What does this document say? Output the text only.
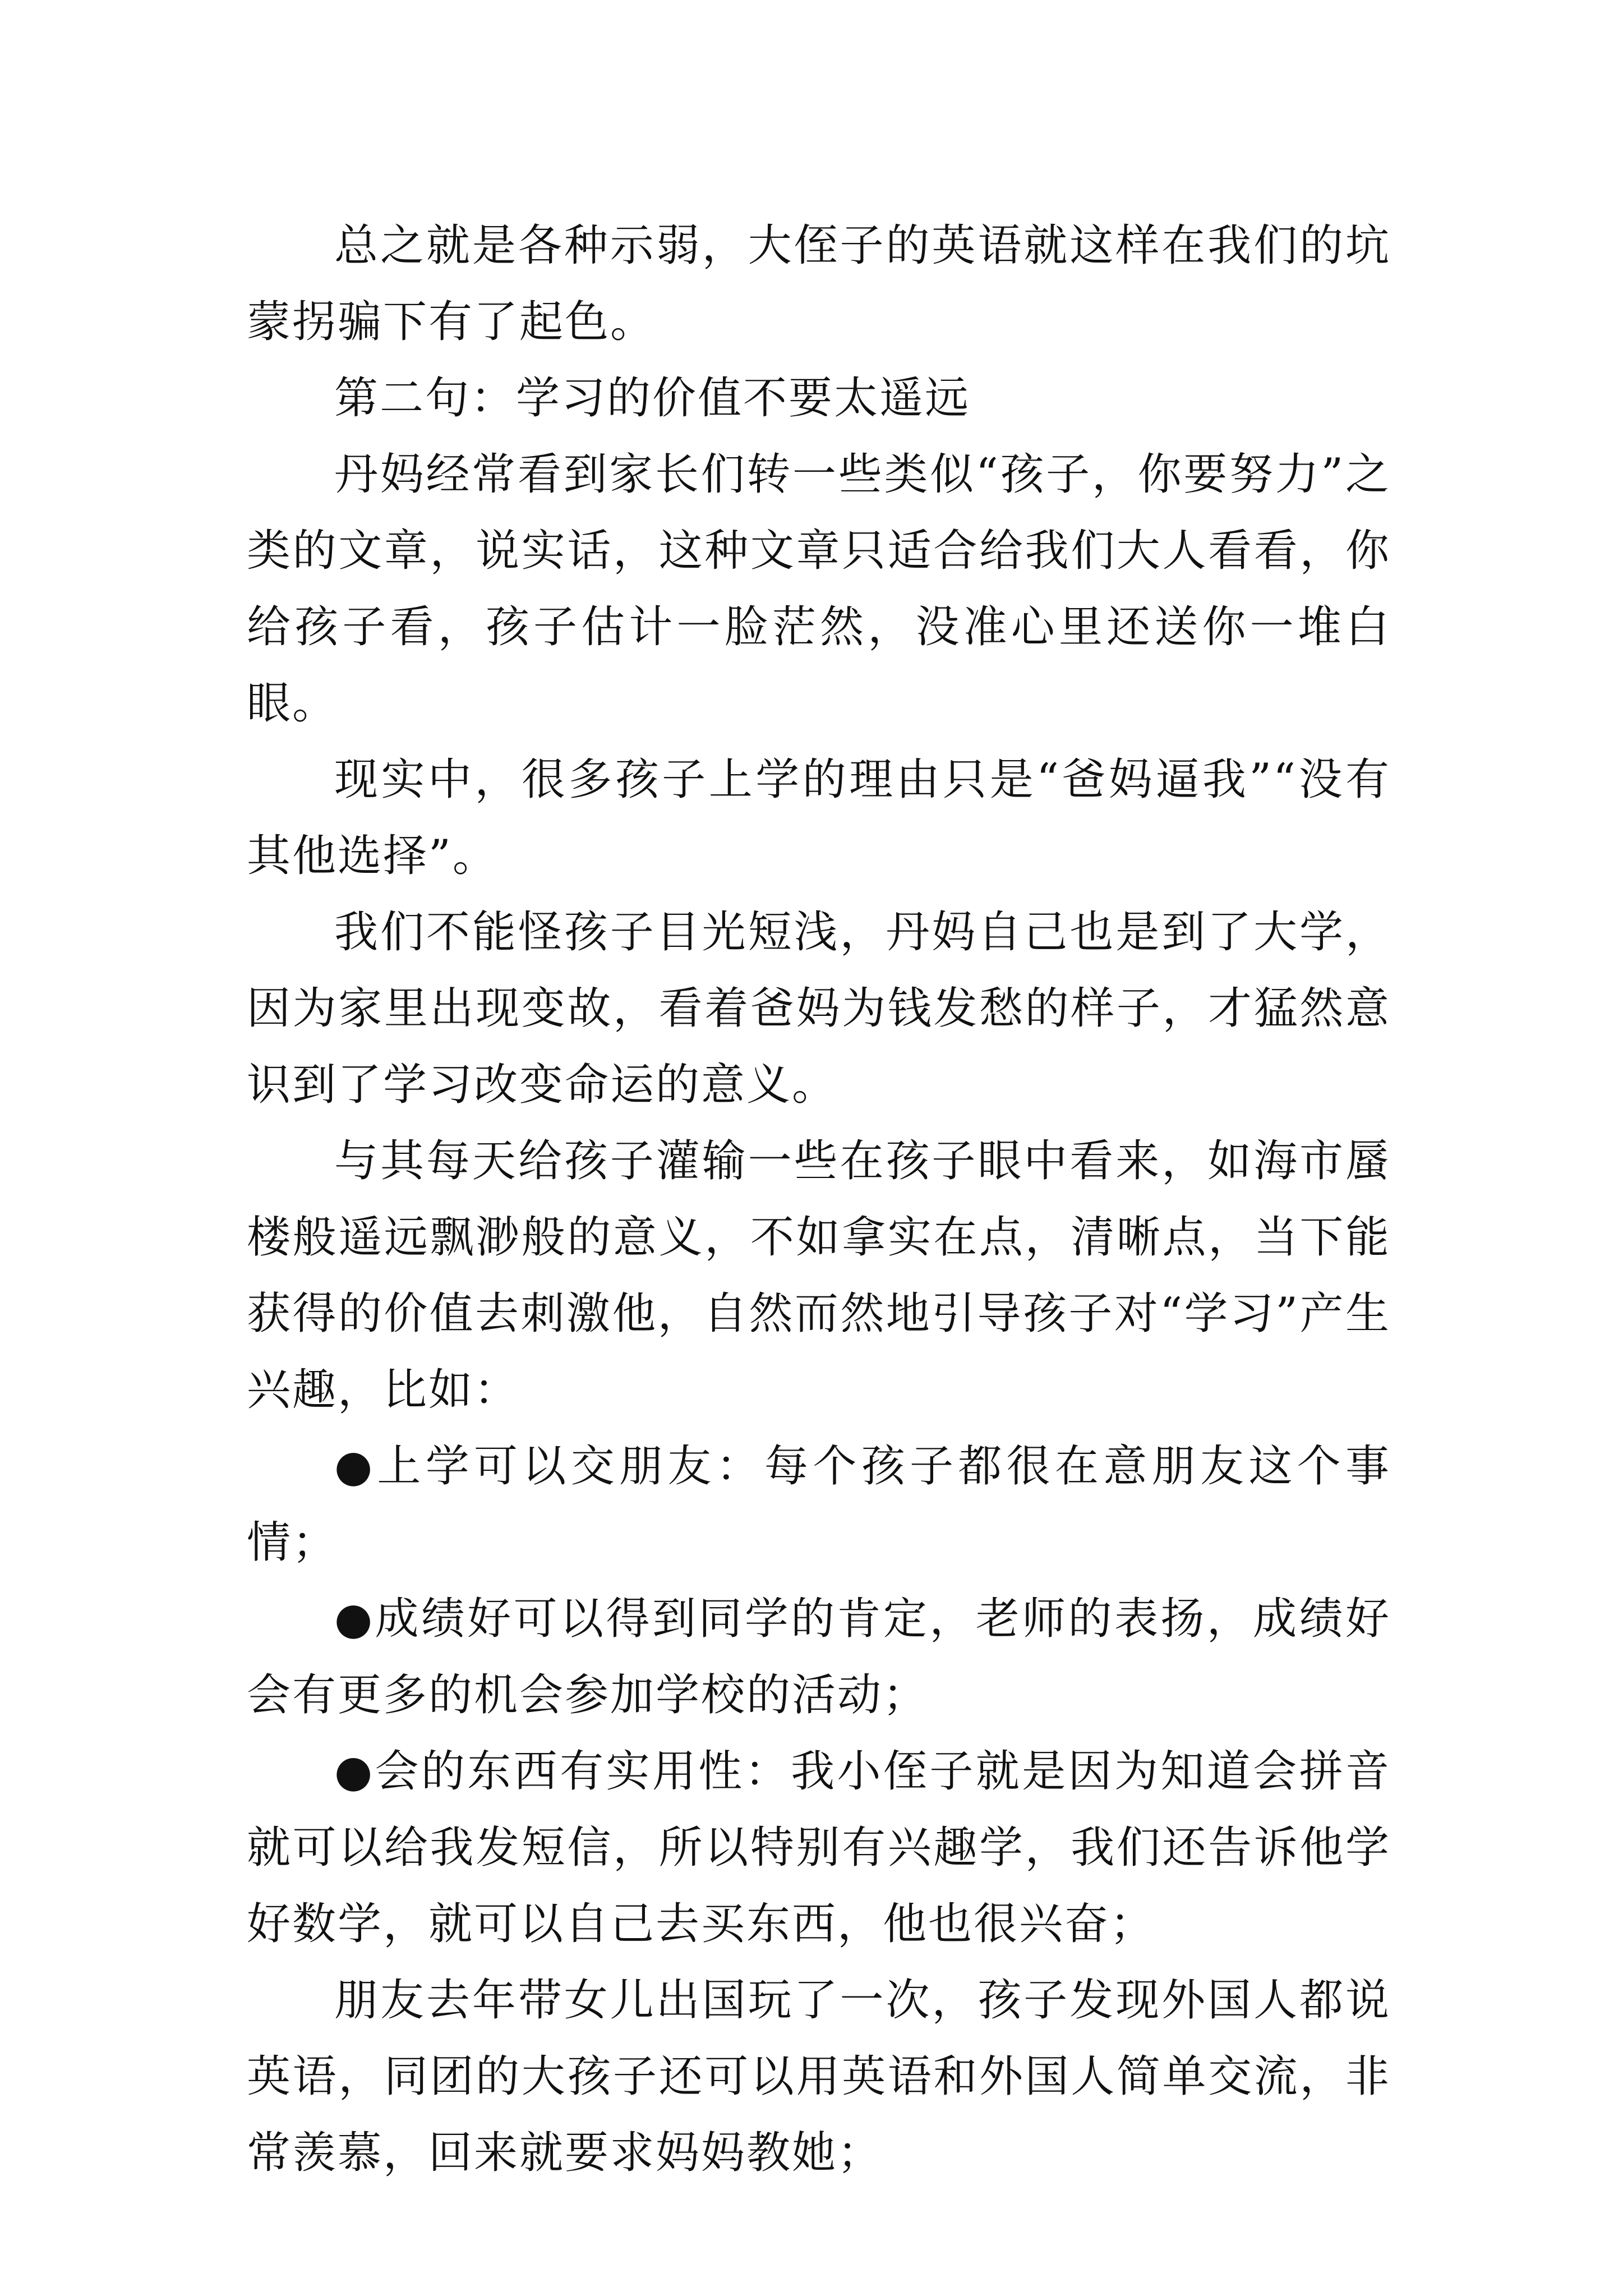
总之就是各种示弱，大侄子的英语就这样在我们的坑蒙拐骗下有了起色。

第二句：学习的价值不要太遥远

丹妈经常看到家长们转一些类似“孩子，你要努力”之类的文章，说实话，这种文章只适合给我们大人看看，你给孩子看，孩子估计一脸茫然，没准心里还送你一堆白眼。

现实中，很多孩子上学的理由只是“爸妈逼我”“没有其他选择”。

我们不能怪孩子目光短浅，丹妈自己也是到了大学，因为家里出现变故，看着爸妈为钱发愁的样子，才猛然意识到了学习改变命运的意义。

与其每天给孩子灌输一些在孩子眼中看来，如海市蜃楼般遥远飘渺般的意义，不如拿实在点，清晰点，当下能获得的价值去刺激他，自然而然地引导孩子对“学习”产生兴趣，比如：

●上学可以交朋友：每个孩子都很在意朋友这个事情；

●成绩好可以得到同学的肯定，老师的表扬，成绩好会有更多的机会参加学校的活动；

●会的东西有实用性：我小侄子就是因为知道会拼音就可以给我发短信，所以特别有兴趣学，我们还告诉他学好数学，就可以自己去买东西，他也很兴奋；

朋友去年带女儿出国玩了一次，孩子发现外国人都说英语，同团的大孩子还可以用英语和外国人简单交流，非常羡慕，回来就要求妈妈教她；
